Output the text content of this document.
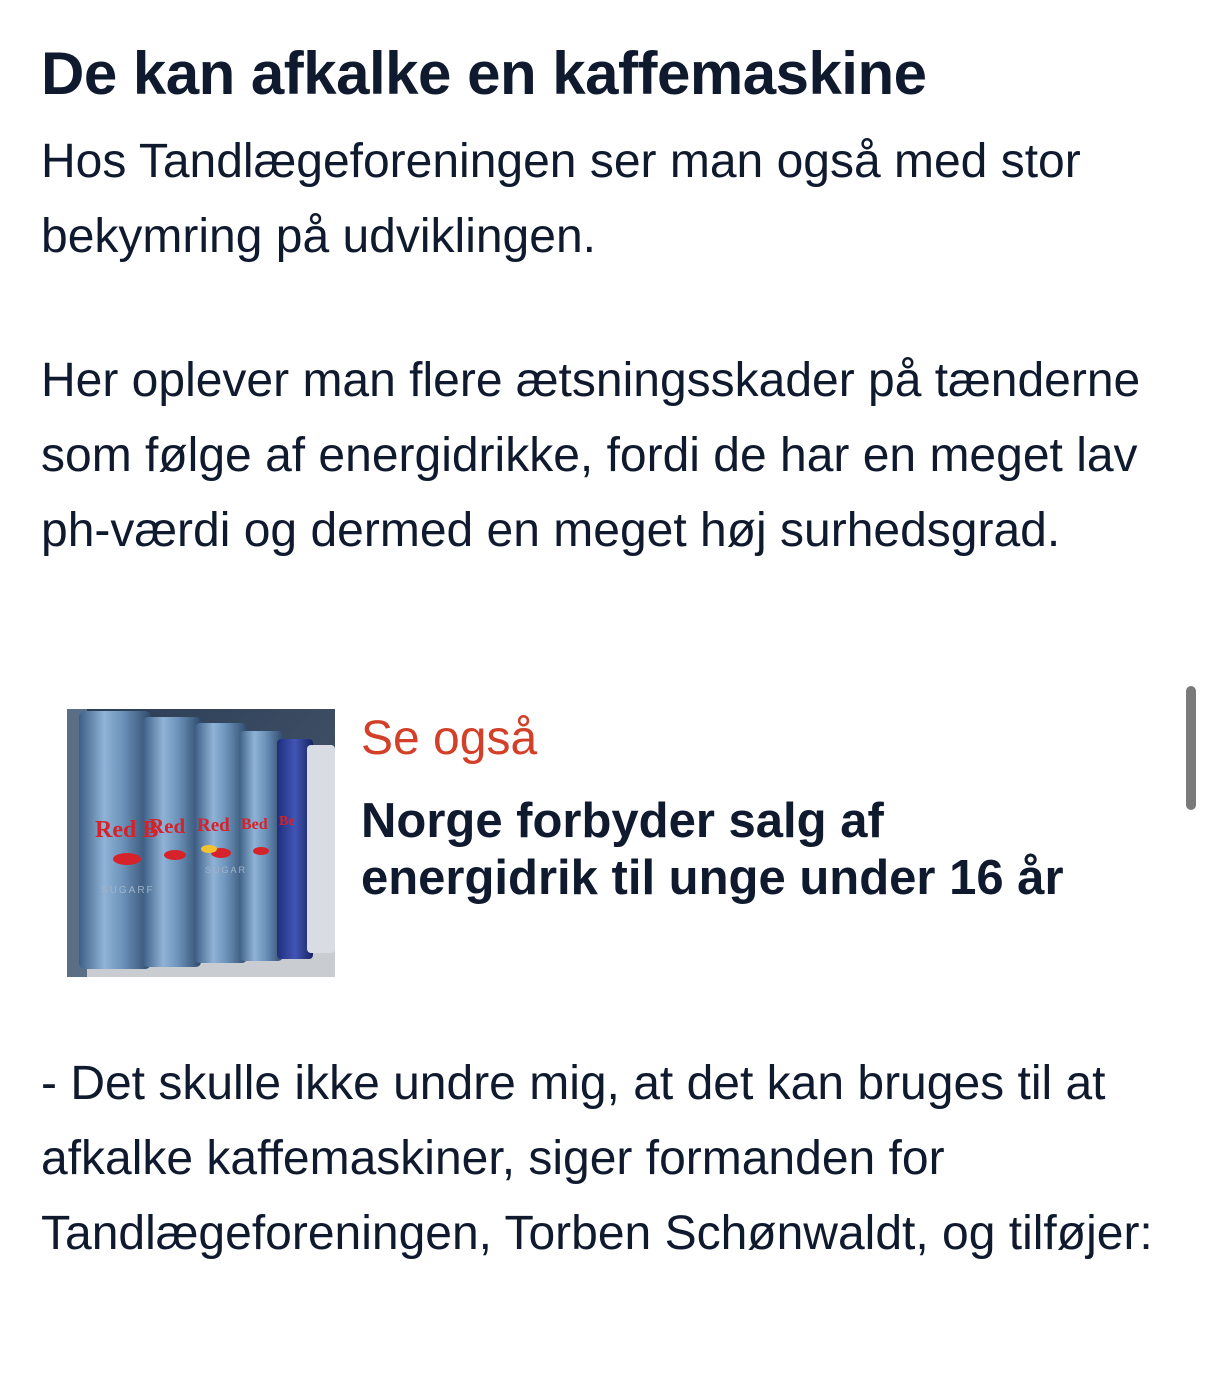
De kan afkalke en kaffemaskine

Hos Tandlægeforeningen ser man også med stor bekymring på udviklingen.

Her oplever man flere ætsningsskader på tænderne som følge af energidrikke, fordi de har en meget lav ph-værdi og dermed en meget høj surhedsgrad.

Red B
Red Red Bed Be
SUGARF
SUGAR
Se også
Norge forbyder salg af energidrik til unge under 16 år

- Det skulle ikke undre mig, at det kan bruges til at afkalke kaffemaskiner, siger formanden for Tandlægeforeningen, Torben Schønwaldt, og tilføjer:
